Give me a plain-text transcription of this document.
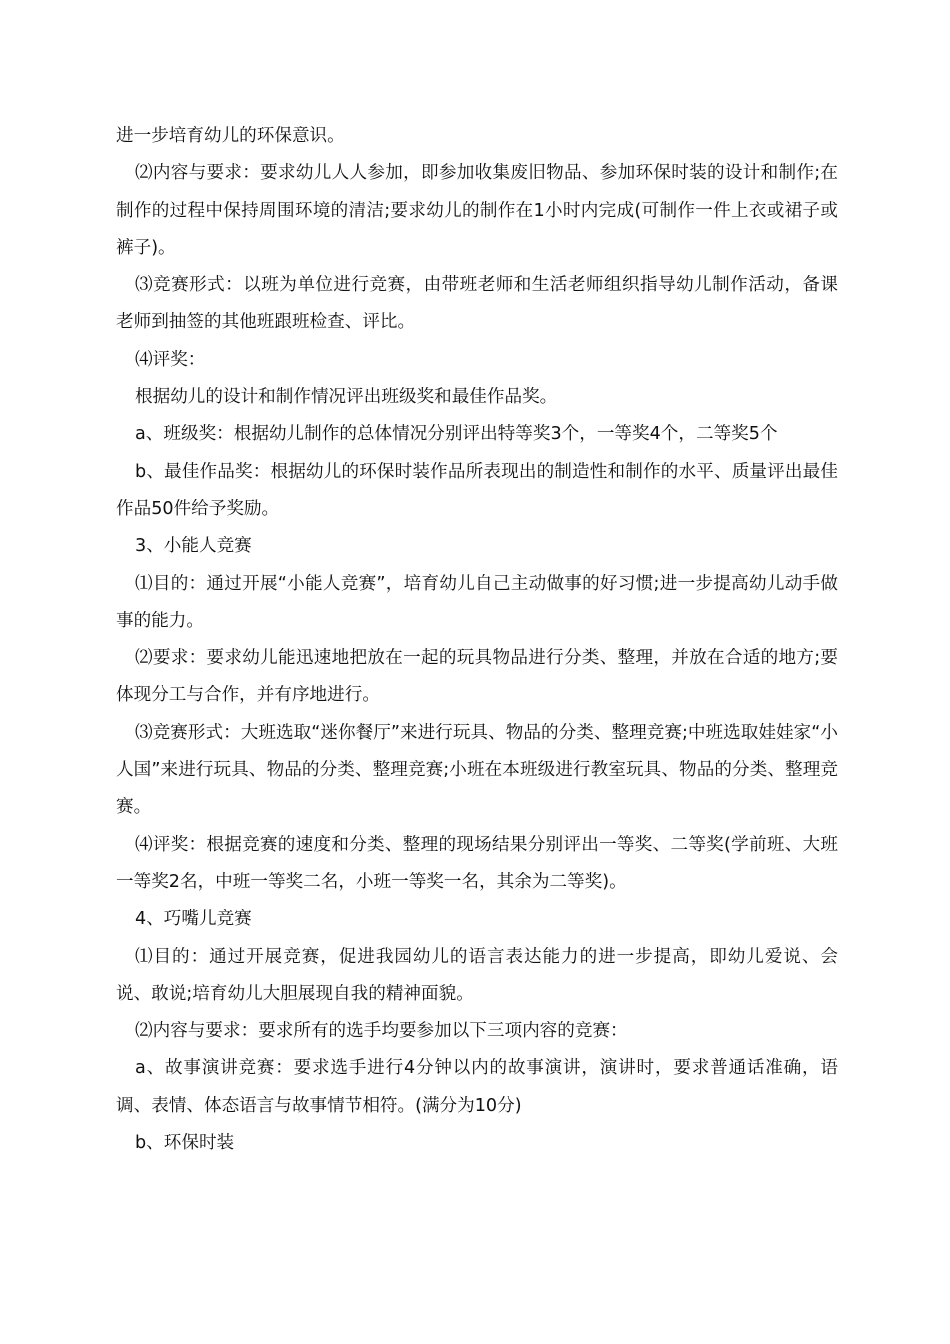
进一步培育幼儿的环保意识。

⑵内容与要求：要求幼儿人人参加，即参加收集废旧物品、参加环保时装的设计和制作;在制作的过程中保持周围环境的清洁;要求幼儿的制作在1小时内完成(可制作一件上衣或裙子或裤子)。

⑶竞赛形式：以班为单位进行竞赛，由带班老师和生活老师组织指导幼儿制作活动，备课老师到抽签的其他班跟班检查、评比。

⑷评奖：

根据幼儿的设计和制作情况评出班级奖和最佳作品奖。

a、班级奖：根据幼儿制作的总体情况分别评出特等奖3个，一等奖4个，二等奖5个

b、最佳作品奖：根据幼儿的环保时装作品所表现出的制造性和制作的水平、质量评出最佳作品50件给予奖励。

3、小能人竞赛

⑴目的：通过开展“小能人竞赛”，培育幼儿自己主动做事的好习惯;进一步提高幼儿动手做事的能力。

⑵要求：要求幼儿能迅速地把放在一起的玩具物品进行分类、整理，并放在合适的地方;要体现分工与合作，并有序地进行。

⑶竞赛形式：大班选取“迷你餐厅”来进行玩具、物品的分类、整理竞赛;中班选取娃娃家“小人国”来进行玩具、物品的分类、整理竞赛;小班在本班级进行教室玩具、物品的分类、整理竞赛。

⑷评奖：根据竞赛的速度和分类、整理的现场结果分别评出一等奖、二等奖(学前班、大班一等奖2名，中班一等奖二名，小班一等奖一名，其余为二等奖)。

4、巧嘴儿竞赛

⑴目的：通过开展竞赛，促进我园幼儿的语言表达能力的进一步提高，即幼儿爱说、会说、敢说;培育幼儿大胆展现自我的精神面貌。

⑵内容与要求：要求所有的选手均要参加以下三项内容的竞赛：

a、故事演讲竞赛：要求选手进行4分钟以内的故事演讲，演讲时，要求普通话准确，语调、表情、体态语言与故事情节相符。(满分为10分)

b、环保时装
